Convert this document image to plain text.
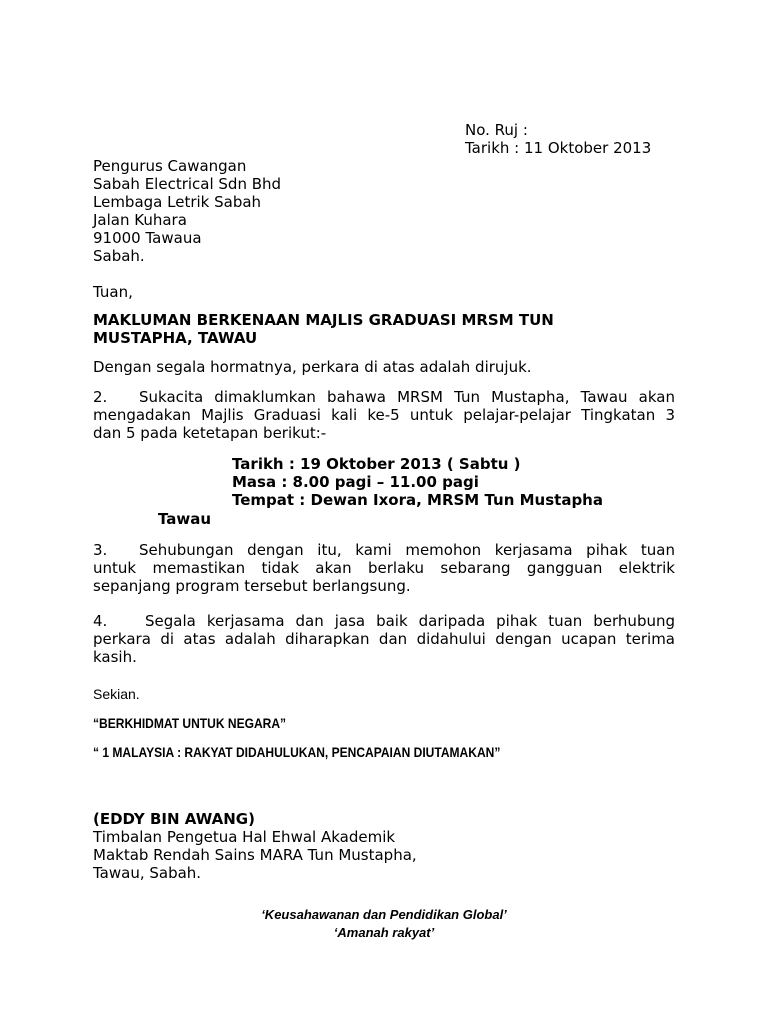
No. Ruj :
Tarikh : 11 Oktober 2013
Pengurus Cawangan
Sabah Electrical Sdn Bhd
Lembaga Letrik Sabah
Jalan Kuhara
91000 Tawaua
Sabah.
Tuan,
MAKLUMAN BERKENAAN MAJLIS GRADUASI MRSM TUN
MUSTAPHA, TAWAU
Dengan segala hormatnya, perkara di atas adalah dirujuk.
2. Sukacita dimaklumkan bahawa MRSM Tun Mustapha, Tawau akan
mengadakan Majlis Graduasi kali ke-5 untuk pelajar-pelajar Tingkatan 3
dan 5 pada ketetapan berikut:-
Tarikh : 19 Oktober 2013 ( Sabtu )
Masa : 8.00 pagi – 11.00 pagi
Tempat : Dewan Ixora, MRSM Tun Mustapha
Tawau
3. Sehubungan dengan itu, kami memohon kerjasama pihak tuan
untuk memastikan tidak akan berlaku sebarang gangguan elektrik
sepanjang program tersebut berlangsung.
4.	Segala kerjasama dan jasa baik daripada pihak tuan berhubung
perkara di atas adalah diharapkan dan didahului dengan ucapan terima
kasih.
Sekian.
“BERKHIDMAT UNTUK NEGARA”
“ 1 MALAYSIA : RAKYAT DIDAHULUKAN, PENCAPAIAN DIUTAMAKAN”
(EDDY BIN AWANG)
Timbalan Pengetua Hal Ehwal Akademik
Maktab Rendah Sains MARA Tun Mustapha,
Tawau, Sabah.
‘Keusahawanan dan Pendidikan Global’
‘Amanah rakyat’
